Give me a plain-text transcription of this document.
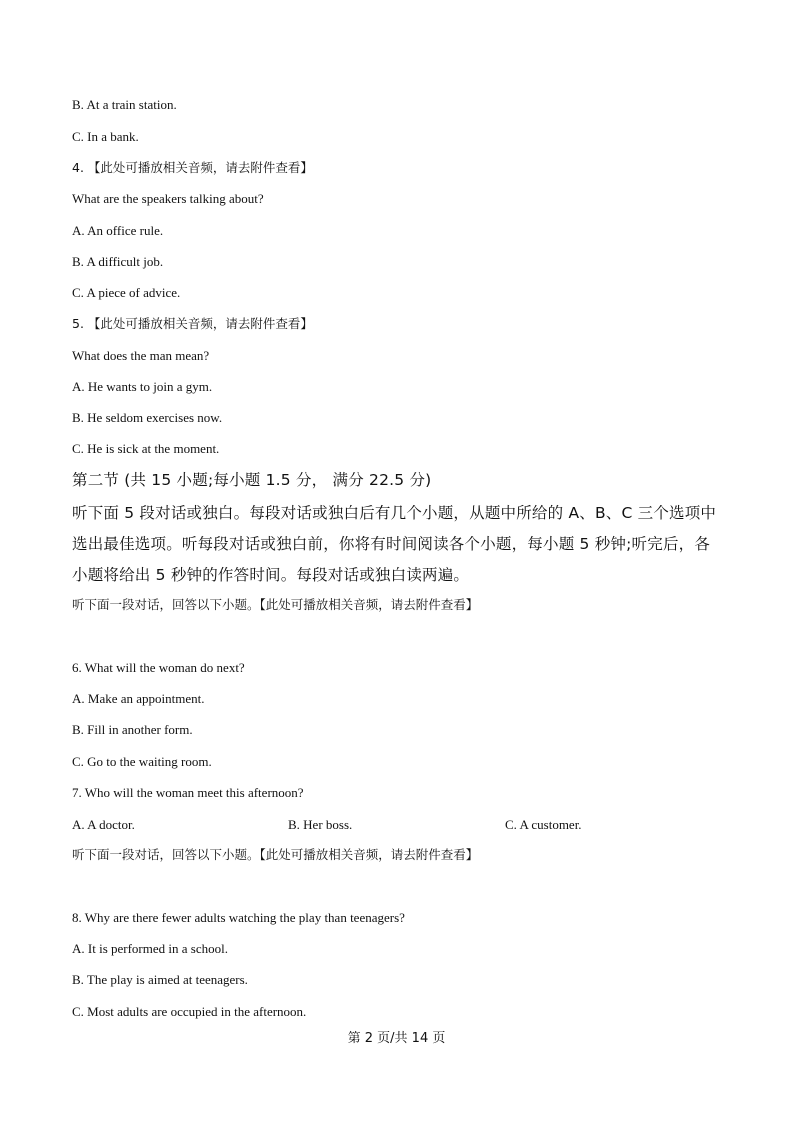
B. At a train station.
C. In a bank.
4. 【此处可播放相关音频，请去附件查看】
What are the speakers talking about?
A. An office rule.
B. A difficult job.
C. A piece of advice.
5. 【此处可播放相关音频，请去附件查看】
What does the man mean?
A. He wants to join a gym.
B. He seldom exercises now.
C. He is sick at the moment.
第二节 (共 15 小题;每小题 1.5 分， 满分 22.5 分)
听下面 5 段对话或独白。每段对话或独白后有几个小题，从题中所给的 A、B、C 三个选项中
选出最佳选项。听每段对话或独白前，你将有时间阅读各个小题，每小题 5 秒钟;听完后，各
小题将给出 5 秒钟的作答时间。每段对话或独白读两遍。
听下面一段对话，回答以下小题。【此处可播放相关音频，请去附件查看】
6. What will the woman do next?
A. Make an appointment.
B. Fill in another form.
C. Go to the waiting room.
7. Who will the woman meet this afternoon?
A. A doctor.	B. Her boss.	C. A customer.
听下面一段对话，回答以下小题。【此处可播放相关音频，请去附件查看】
8. Why are there fewer adults watching the play than teenagers?
A. It is performed in a school.
B. The play is aimed at teenagers.
C. Most adults are occupied in the afternoon.
第 2 页/共 14 页
